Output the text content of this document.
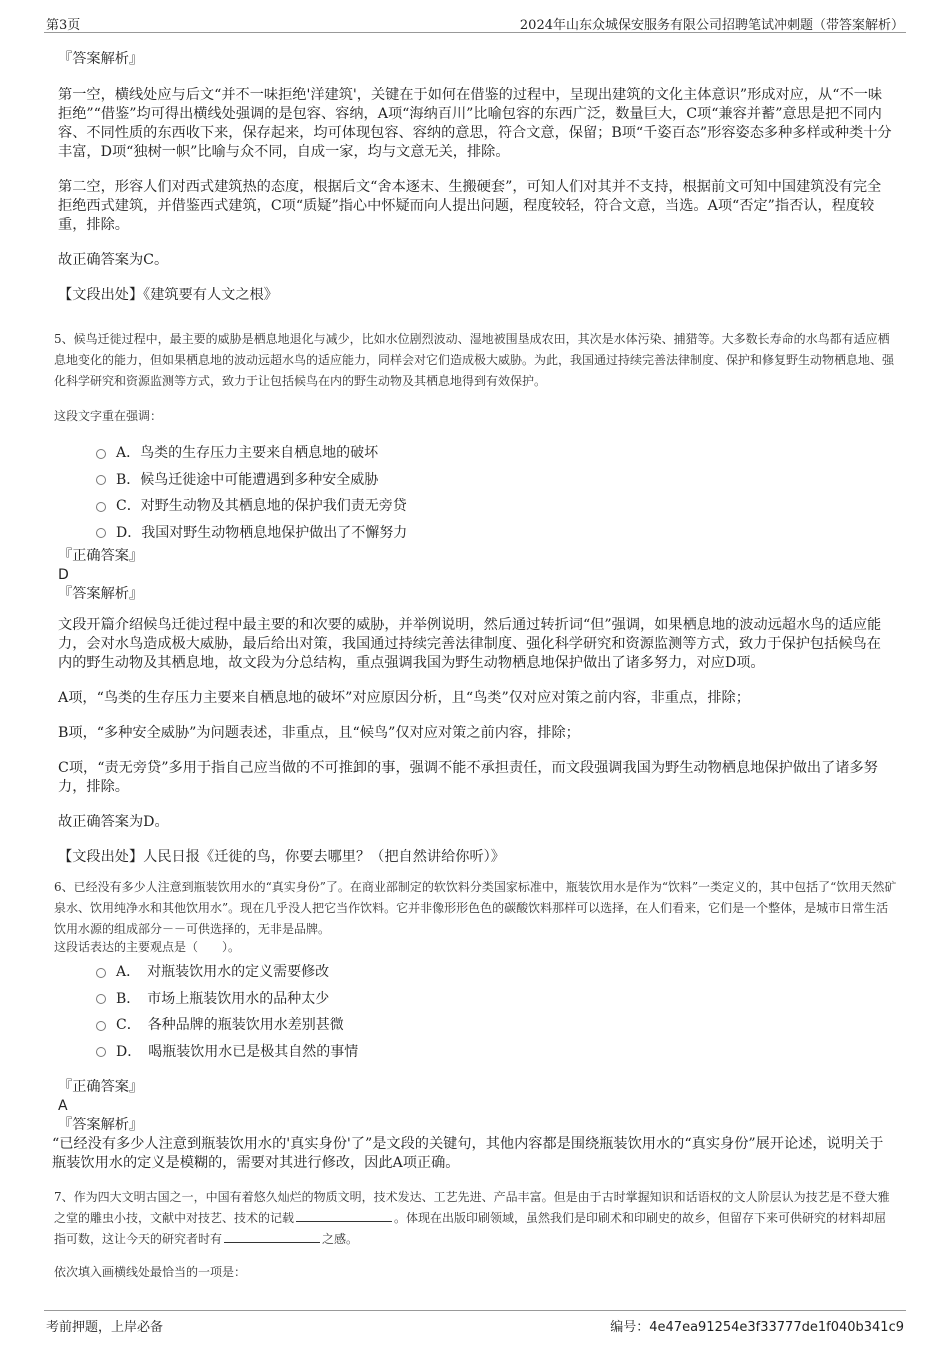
第3页	2024年山东众城保安服务有限公司招聘笔试冲刺题（带答案解析）
『答案解析』
第一空，横线处应与后文“并不一味拒绝'洋建筑'，关键在于如何在借鉴的过程中，呈现出建筑的文化主体意识”形成对应，从“不一味拒绝”“借鉴”均可得出横线处强调的是包容、容纳，A项“海纳百川”比喻包容的东西广泛，数量巨大，C项“兼容并蓄”意思是把不同内容、不同性质的东西收下来，保存起来，均可体现包容、容纳的意思，符合文意，保留；B项“千姿百态”形容姿态多种多样或种类十分丰富，D项“独树一帜”比喻与众不同，自成一家，均与文意无关，排除。
第二空，形容人们对西式建筑热的态度，根据后文“舍本逐末、生搬硬套”，可知人们对其并不支持，根据前文可知中国建筑没有完全拒绝西式建筑，并借鉴西式建筑，C项“质疑”指心中怀疑而向人提出问题，程度较轻，符合文意，当选。A项“否定”指否认，程度较重，排除。
故正确答案为C。
【文段出处】《建筑要有人文之根》
5、候鸟迁徙过程中，最主要的威胁是栖息地退化与减少，比如水位剧烈波动、湿地被围垦成农田，其次是水体污染、捕猎等。大多数长寿命的水鸟都有适应栖息地变化的能力，但如果栖息地的波动远超水鸟的适应能力，同样会对它们造成极大威胁。为此，我国通过持续完善法律制度、保护和修复野生动物栖息地、强化科学研究和资源监测等方式，致力于让包括候鸟在内的野生动物及其栖息地得到有效保护。
这段文字重在强调：
A．鸟类的生存压力主要来自栖息地的破坏
B．候鸟迁徙途中可能遭遇到多种安全威胁
C．对野生动物及其栖息地的保护我们责无旁贷
D．我国对野生动物栖息地保护做出了不懈努力
『正确答案』
D
『答案解析』
文段开篇介绍候鸟迁徙过程中最主要的和次要的威胁，并举例说明，然后通过转折词“但”强调，如果栖息地的波动远超水鸟的适应能力，会对水鸟造成极大威胁，最后给出对策，我国通过持续完善法律制度、强化科学研究和资源监测等方式，致力于保护包括候鸟在内的野生动物及其栖息地，故文段为分总结构，重点强调我国为野生动物栖息地保护做出了诸多努力，对应D项。
A项，“鸟类的生存压力主要来自栖息地的破坏”对应原因分析，且“鸟类”仅对应对策之前内容，非重点，排除；
B项，“多种安全威胁”为问题表述，非重点，且“候鸟”仅对应对策之前内容，排除；
C项，“责无旁贷”多用于指自己应当做的不可推卸的事，强调不能不承担责任，而文段强调我国为野生动物栖息地保护做出了诸多努力，排除。
故正确答案为D。
【文段出处】人民日报《迁徙的鸟，你要去哪里？（把自然讲给你听）》
6、已经没有多少人注意到瓶装饮用水的“真实身份”了。在商业部制定的软饮料分类国家标准中，瓶装饮用水是作为“饮料”一类定义的，其中包括了“饮用天然矿泉水、饮用纯净水和其他饮用水”。现在几乎没人把它当作饮料。它并非像形形色色的碳酸饮料那样可以选择，在人们看来，它们是一个整体，是城市日常生活饮用水源的组成部分－－可供选择的，无非是品牌。
这段话表达的主要观点是（　　）。
A．　对瓶装饮用水的定义需要修改
B．　市场上瓶装饮用水的品种太少
C．　各种品牌的瓶装饮用水差别甚微
D．　喝瓶装饮用水已是极其自然的事情
『正确答案』
A
『答案解析』
“已经没有多少人注意到瓶装饮用水的'真实身份'了”是文段的关键句，其他内容都是围绕瓶装饮用水的“真实身份”展开论述，说明关于瓶装饮用水的定义是模糊的，需要对其进行修改，因此A项正确。
7、作为四大文明古国之一，中国有着悠久灿烂的物质文明，技术发达、工艺先进、产品丰富。但是由于古时掌握知识和话语权的文人阶层认为技艺是不登大雅之堂的雕虫小技，文献中对技艺、技术的记载	。体现在出版印刷领域，虽然我们是印刷术和印刷史的故乡，但留存下来可供研究的材料却屈指可数，这让今天的研究者时有	之感。
依次填入画横线处最恰当的一项是：
考前押题，上岸必备	编号：4e47ea91254e3f33777de1f040b341c9
